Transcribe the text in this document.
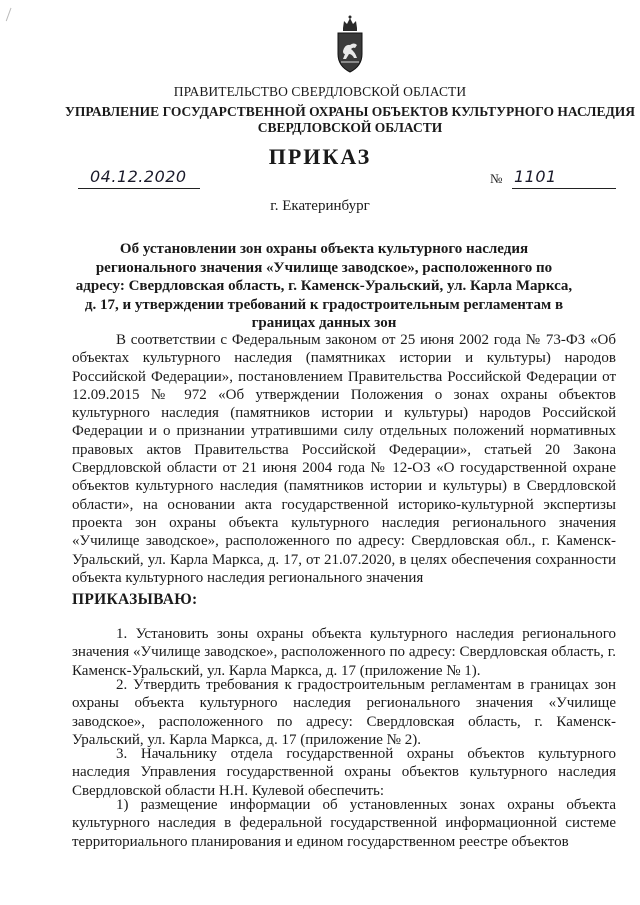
ПРАВИТЕЛЬСТВО СВЕРДЛОВСКОЙ ОБЛАСТИ
УПРАВЛЕНИЕ ГОСУДАРСТВЕННОЙ ОХРАНЫ ОБЪЕКТОВ КУЛЬТУРНОГО НАСЛЕДИЯ СВЕРДЛОВСКОЙ ОБЛАСТИ
ПРИКАЗ
04.12.2020	№ 1101
г. Екатеринбург
Об установлении зон охраны объекта культурного наследия регионального значения «Училище заводское», расположенного по адресу: Свердловская область, г. Каменск-Уральский, ул. Карла Маркса, д. 17, и утверждении требований к градостроительным регламентам в границах данных зон

В соответствии с Федеральным законом от 25 июня 2002 года № 73-ФЗ «Об объектах культурного наследия (памятниках истории и культуры) народов Российской Федерации», постановлением Правительства Российской Федерации от 12.09.2015 № 972 «Об утверждении Положения о зонах охраны объектов культурного наследия (памятников истории и культуры) народов Российской Федерации и о признании утратившими силу отдельных положений нормативных правовых актов Правительства Российской Федерации», статьей 20 Закона Свердловской области от 21 июня 2004 года № 12-ОЗ «О государственной охране объектов культурного наследия (памятников истории и культуры) в Свердловской области», на основании акта государственной историко-культурной экспертизы проекта зон охраны объекта культурного наследия регионального значения «Училище заводское», расположенного по адресу: Свердловская обл., г. Каменск-Уральский, ул. Карла Маркса, д. 17, от 21.07.2020, в целях обеспечения сохранности объекта культурного наследия регионального значения

ПРИКАЗЫВАЮ:

1. Установить зоны охраны объекта культурного наследия регионального значения «Училище заводское», расположенного по адресу: Свердловская область, г. Каменск-Уральский, ул. Карла Маркса, д. 17 (приложение № 1).

2. Утвердить требования к градостроительным регламентам в границах зон охраны объекта культурного наследия регионального значения «Училище заводское», расположенного по адресу: Свердловская область, г. Каменск-Уральский, ул. Карла Маркса, д. 17 (приложение № 2).

3. Начальнику отдела государственной охраны объектов культурного наследия Управления государственной охраны объектов культурного наследия Свердловской области Н.Н. Кулевой обеспечить:

1) размещение информации об установленных зонах охраны объекта культурного наследия в федеральной государственной информационной системе территориального планирования и едином государственном реестре объектов
